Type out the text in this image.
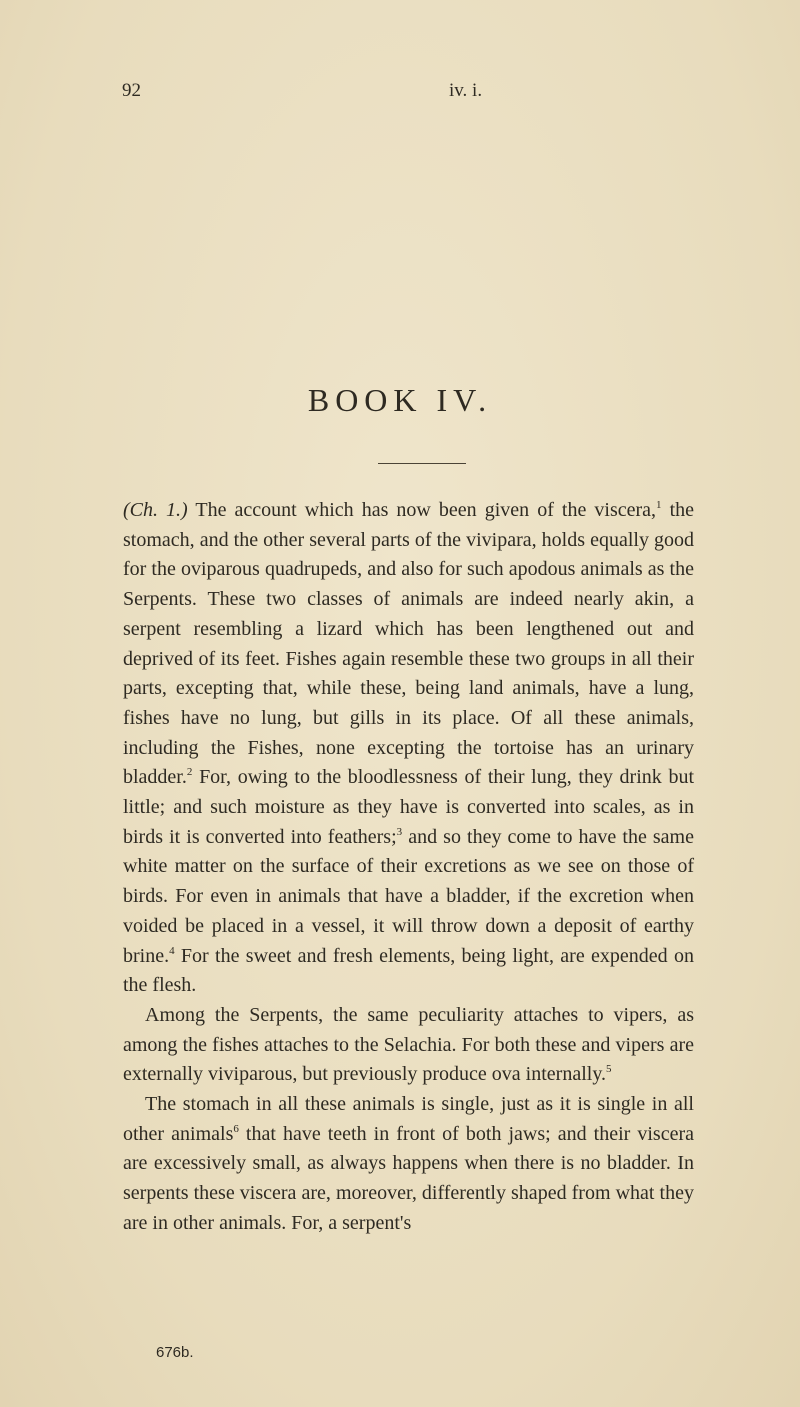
92	iv. i.
BOOK IV.

(Ch. 1.) The account which has now been given of the viscera,$^1$ the stomach, and the other several parts of the vivipara, holds equally good for the oviparous quadrupeds, and also for such apodous animals as the Serpents. These two classes of animals are indeed nearly akin, a serpent resembling a lizard which has been lengthened out and deprived of its feet. Fishes again resemble these two groups in all their parts, excepting that, while these, being land animals, have a lung, fishes have no lung, but gills in its place. Of all these animals, including the Fishes, none excepting the tortoise has an urinary bladder.$^2$ For, owing to the bloodlessness of their lung, they drink but little; and such moisture as they have is converted into scales, as in birds it is converted into feathers;$^3$ and so they come to have the same white matter on the surface of their excretions as we see on those of birds. For even in animals that have a bladder, if the excretion when voided be placed in a vessel, it will throw down a deposit of earthy brine.$^4$ For the sweet and fresh elements, being light, are expended on the flesh.

Among the Serpents, the same peculiarity attaches to vipers, as among the fishes attaches to the Selachia. For both these and vipers are externally viviparous, but previously produce ova internally.$^5$

The stomach in all these animals is single, just as it is single in all other animals$^6$ that have teeth in front of both jaws; and their viscera are excessively small, as always happens when there is no bladder. In serpents these viscera are, moreover, differently shaped from what they are in other animals. For, a serpent's

676b.
